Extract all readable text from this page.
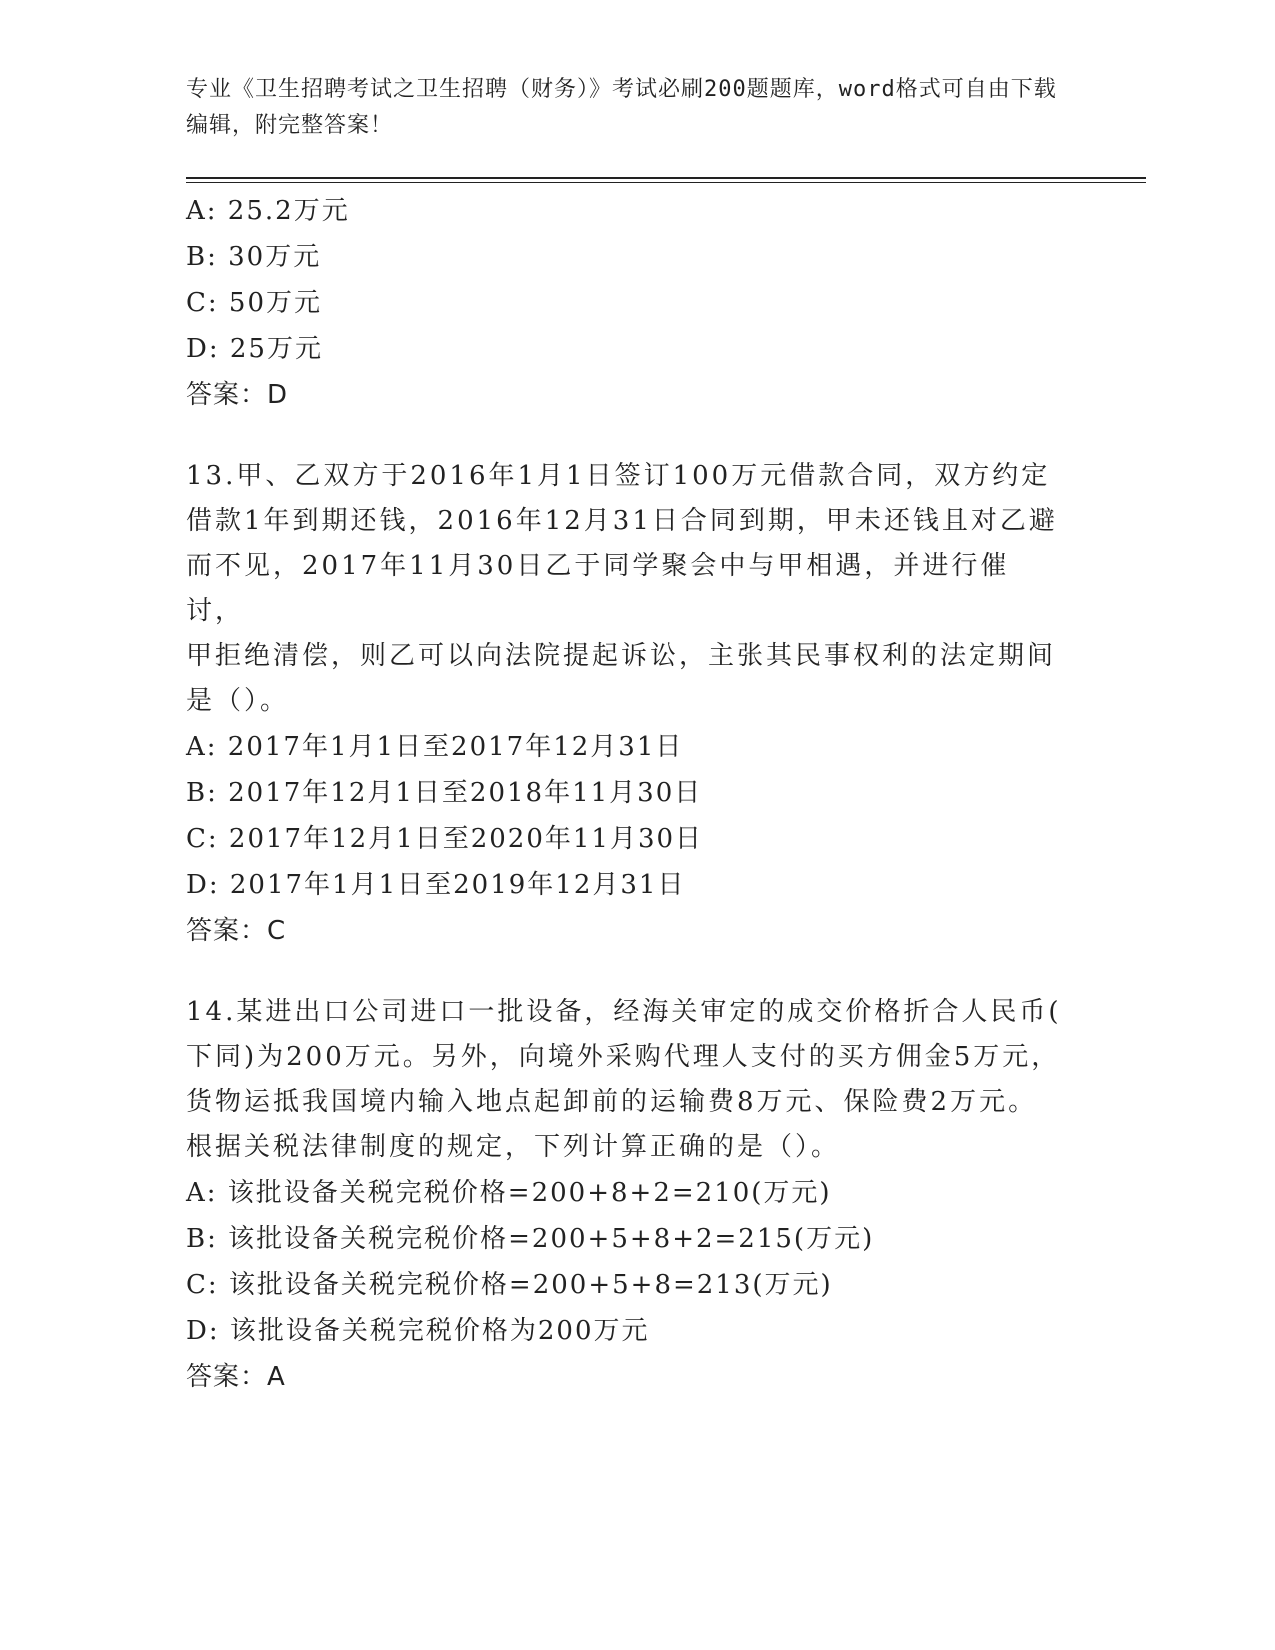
专业《卫生招聘考试之卫生招聘（财务）》考试必刷200题题库，word格式可自由下载编辑，附完整答案！
A: 25.2万元
B: 30万元
C: 50万元
D: 25万元
答案：D
13.甲、乙双方于2016年1月1日签订100万元借款合同，双方约定
借款1年到期还钱，2016年12月31日合同到期，甲未还钱且对乙避
而不见，2017年11月30日乙于同学聚会中与甲相遇，并进行催讨，
甲拒绝清偿，则乙可以向法院提起诉讼，主张其民事权利的法定期间
是（）。
A: 2017年1月1日至2017年12月31日
B: 2017年12月1日至2018年11月30日
C: 2017年12月1日至2020年11月30日
D: 2017年1月1日至2019年12月31日
答案：C
14.某进出口公司进口一批设备，经海关审定的成交价格折合人民币(
下同)为200万元。另外，向境外采购代理人支付的买方佣金5万元，
货物运抵我国境内输入地点起卸前的运输费8万元、保险费2万元。
根据关税法律制度的规定，下列计算正确的是（）。
A: 该批设备关税完税价格=200+8+2=210(万元)
B: 该批设备关税完税价格=200+5+8+2=215(万元)
C: 该批设备关税完税价格=200+5+8=213(万元)
D: 该批设备关税完税价格为200万元
答案：A
